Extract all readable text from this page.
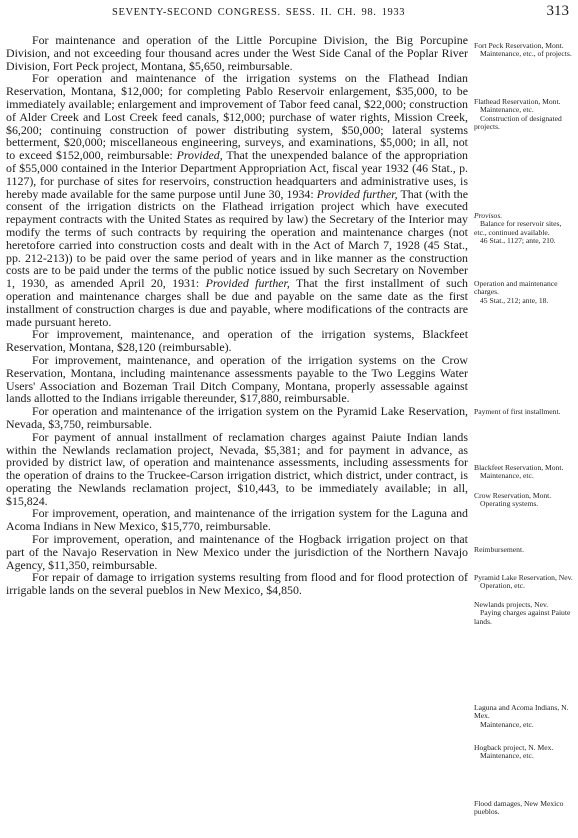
SEVENTY-SECOND CONGRESS. SESS. II. CH. 98. 1933	313

For maintenance and operation of the Little Porcupine Division, the Big Porcupine Division, and not exceeding four thousand acres under the West Side Canal of the Poplar River Division, Fort Peck project, Montana, $5,650, reimbursable.

For operation and maintenance of the irrigation systems on the Flathead Indian Reservation, Montana, $12,000; for completing Pablo Reservoir enlargement, $35,000, to be immediately available; enlargement and improvement of Tabor feed canal, $22,000; construction of Alder Creek and Lost Creek feed canals, $12,000; purchase of water rights, Mission Creek, $6,200; continuing construction of power distributing system, $50,000; lateral systems betterment, $20,000; miscellaneous engineering, surveys, and examinations, $5,000; in all, not to exceed $152,000, reimbursable: Provided, That the unexpended balance of the appropriation of $55,000 contained in the Interior Department Appropriation Act, fiscal year 1932 (46 Stat., p. 1127), for purchase of sites for reservoirs, construction headquarters and administrative uses, is hereby made available for the same purpose until June 30, 1934: Provided further, That (with the consent of the irrigation districts on the Flathead irrigation project which have executed repayment contracts with the United States as required by law) the Secretary of the Interior may modify the terms of such contracts by requiring the operation and maintenance charges (not heretofore carried into construction costs and dealt with in the Act of March 7, 1928 (45 Stat., pp. 212-213)) to be paid over the same period of years and in like manner as the construction costs are to be paid under the terms of the public notice issued by such Secretary on November 1, 1930, as amended April 20, 1931: Provided further, That the first installment of such operation and maintenance charges shall be due and payable on the same date as the first installment of construction charges is due and payable, where modifications of the contracts are made pursuant hereto.

For improvement, maintenance, and operation of the irrigation systems, Blackfeet Reservation, Montana, $28,120 (reimbursable).

For improvement, maintenance, and operation of the irrigation systems on the Crow Reservation, Montana, including maintenance assessments payable to the Two Leggins Water Users' Association and Bozeman Trail Ditch Company, Montana, properly assessable against lands allotted to the Indians irrigable thereunder, $17,880, reimbursable.

For operation and maintenance of the irrigation system on the Pyramid Lake Reservation, Nevada, $3,750, reimbursable.

For payment of annual installment of reclamation charges against Paiute Indian lands within the Newlands reclamation project, Nevada, $5,381; and for payment in advance, as provided by district law, of operation and maintenance assessments, including assessments for the operation of drains to the Truckee-Carson irrigation district, which district, under contract, is operating the Newlands reclamation project, $10,443, to be immediately available; in all, $15,824.

For improvement, operation, and maintenance of the irrigation system for the Laguna and Acoma Indians in New Mexico, $15,770, reimbursable.

For improvement, operation, and maintenance of the Hogback irrigation project on that part of the Navajo Reservation in New Mexico under the jurisdiction of the Northern Navajo Agency, $11,350, reimbursable.

For repair of damage to irrigation systems resulting from flood and for flood protection of irrigable lands on the several pueblos in New Mexico, $4,850.

Fort Peck Reservation, Mont.
Maintenance, etc., of projects.
Flathead Reservation, Mont.
Maintenance, etc.
Construction of designated projects.
Provisos.
Balance for reservoir sites, etc., continued available.
46 Stat., 1127; ante, 210.
Operation and maintenance charges.
45 Stat., 212; ante, 18.
Payment of first installment.
Blackfeet Reservation, Mont.
Maintenance, etc.
Crow Reservation, Mont.
Operating systems.
Reimbursement.
Pyramid Lake Reservation, Nev.
Operation, etc.
Newlands projects, Nev.
Paying charges against Paiute lands.
Laguna and Acoma Indians, N. Mex.
Maintenance, etc.
Hogback project, N. Mex.
Maintenance, etc.
Flood damages, New Mexico pueblos.
